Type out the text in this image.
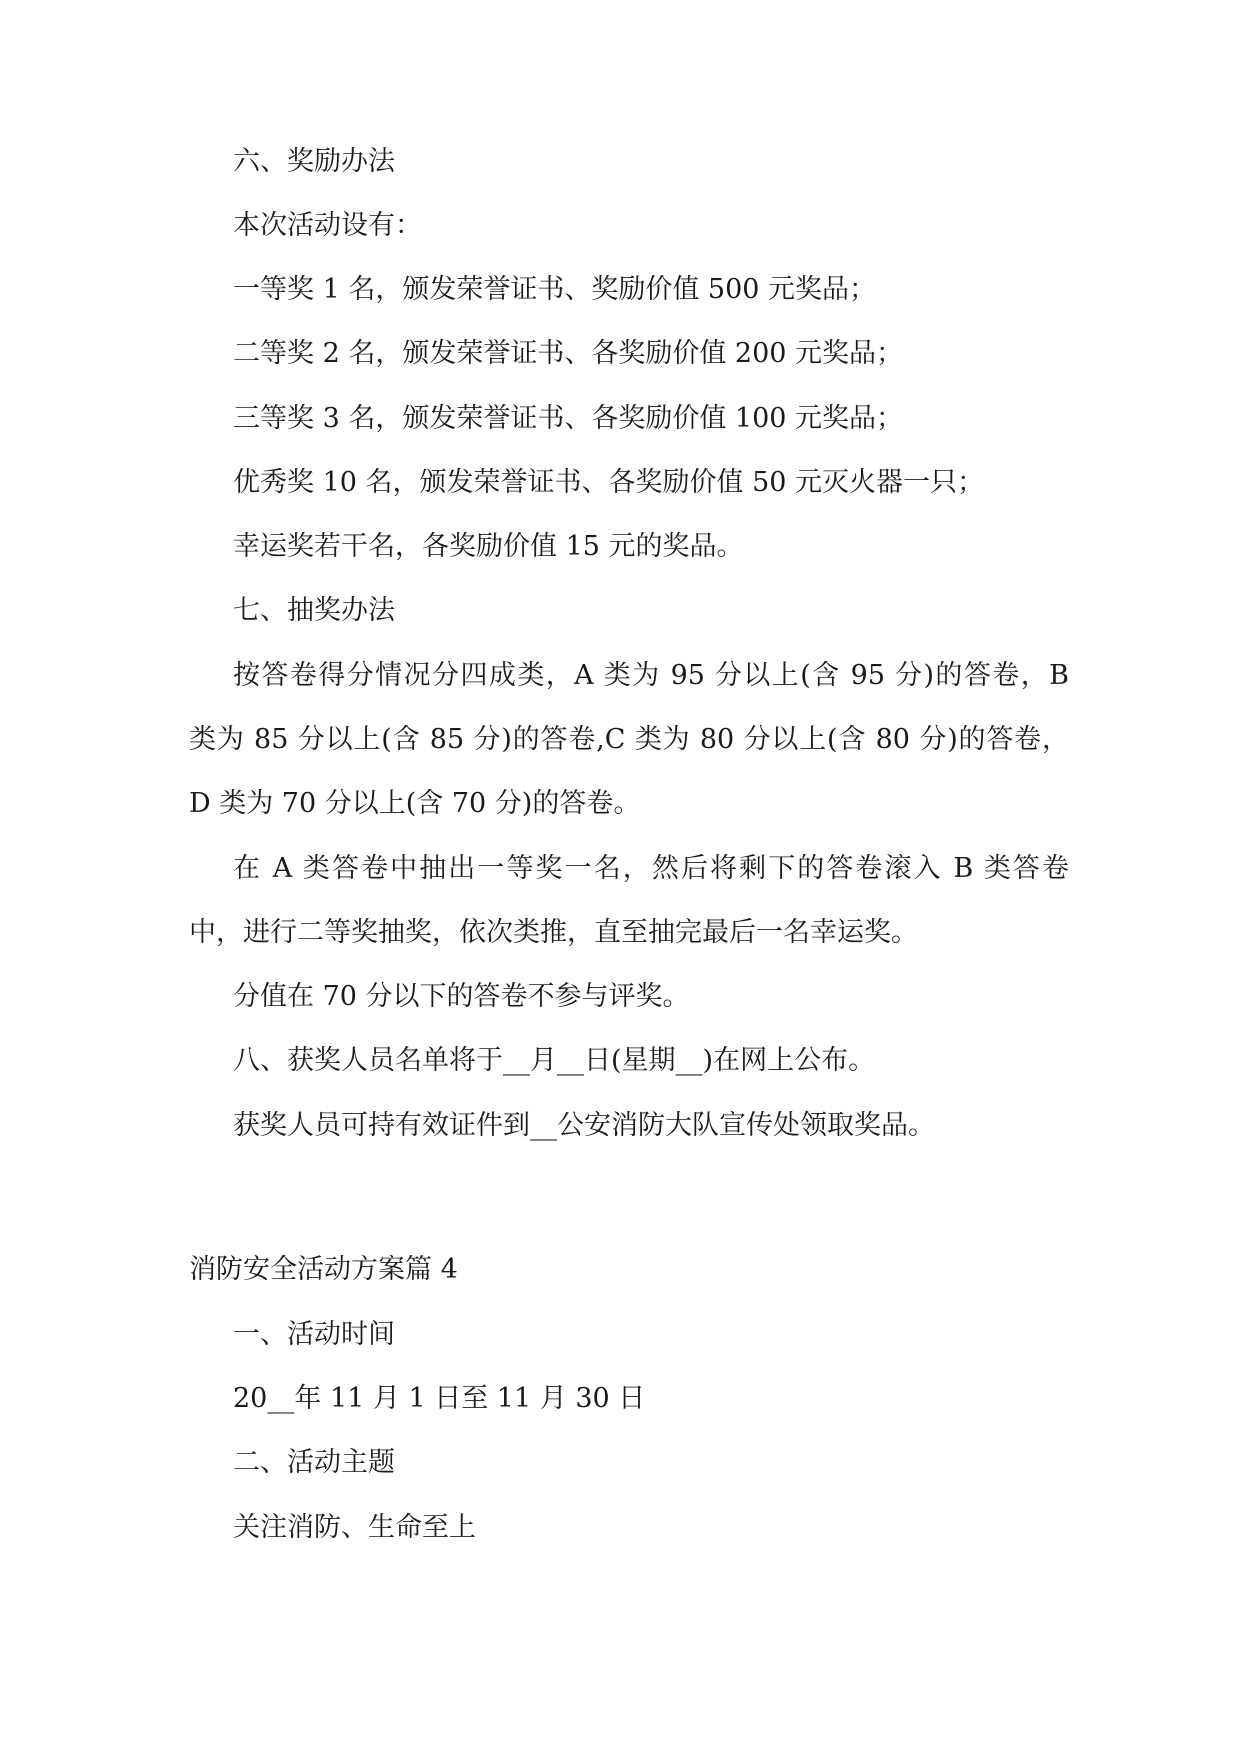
六、奖励办法
本次活动设有：
一等奖 1 名，颁发荣誉证书、奖励价值 500 元奖品；
二等奖 2 名，颁发荣誉证书、各奖励价值 200 元奖品；
三等奖 3 名，颁发荣誉证书、各奖励价值 100 元奖品；
优秀奖 10 名，颁发荣誉证书、各奖励价值 50 元灭火器一只；
幸运奖若干名，各奖励价值 15 元的奖品。
七、抽奖办法
按答卷得分情况分四成类，A 类为 95 分以上(含 95 分)的答卷，B
类为 85 分以上(含 85 分)的答卷,C 类为 80 分以上(含 80 分)的答卷，
D 类为 70 分以上(含 70 分)的答卷。
在 A 类答卷中抽出一等奖一名，然后将剩下的答卷滚入 B 类答卷
中，进行二等奖抽奖，依次类推，直至抽完最后一名幸运奖。
分值在 70 分以下的答卷不参与评奖。
八、获奖人员名单将于__月__日(星期__)在网上公布。
获奖人员可持有效证件到__公安消防大队宣传处领取奖品。
消防安全活动方案篇 4
一、活动时间
20__年 11 月 1 日至 11 月 30 日
二、活动主题
关注消防、生命至上
